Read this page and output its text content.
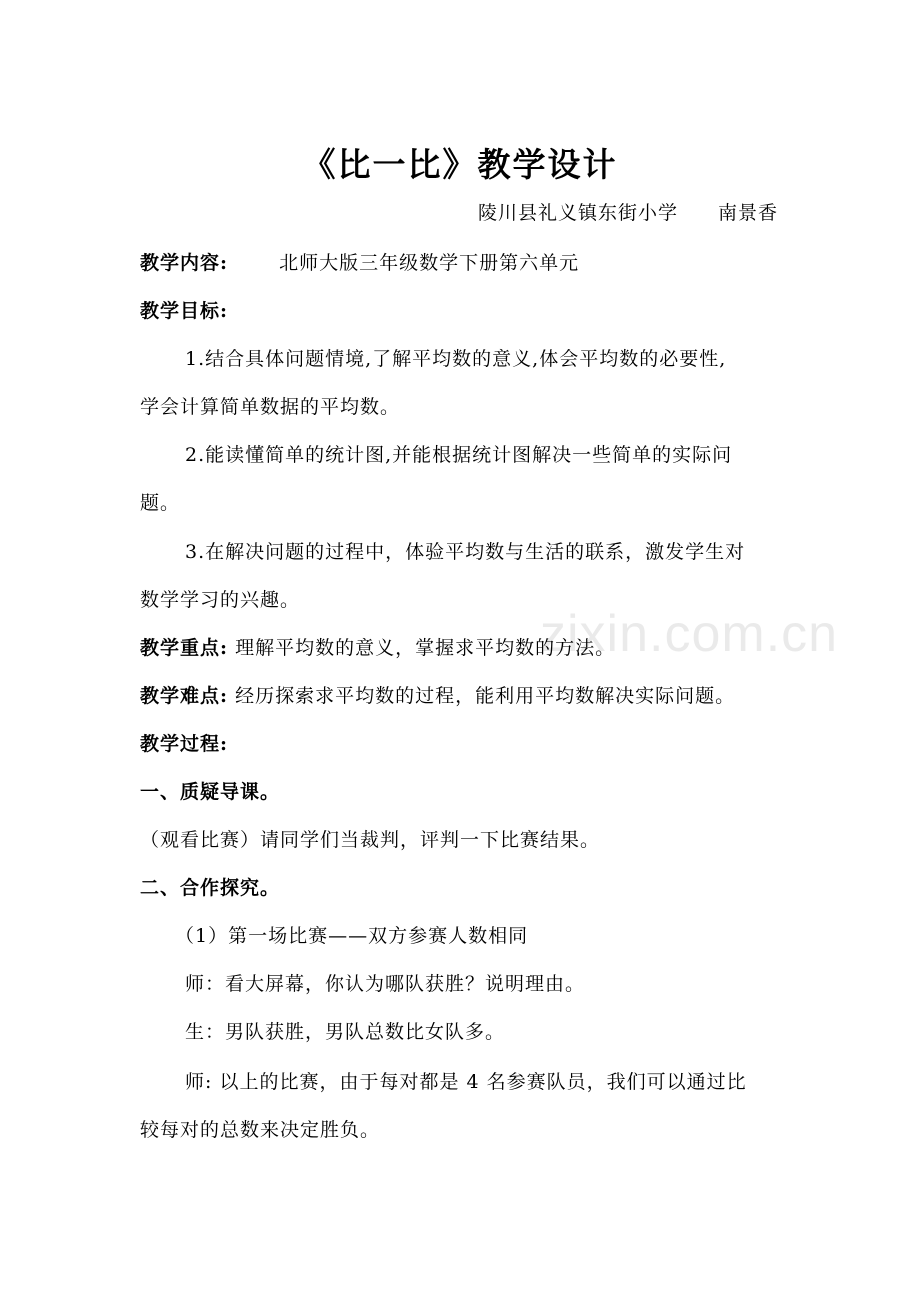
zixin.com.cn
《比一比》教学设计
陵川县礼义镇东街小学　　南景香
教学内容:	北师大版三年级数学下册第六单元
教学目标:
1.结合具体问题情境,了解平均数的意义,体会平均数的必要性,
学会计算简单数据的平均数。
2.能读懂简单的统计图,并能根据统计图解决一些简单的实际问
题。
3.在解决问题的过程中，体验平均数与生活的联系，激发学生对
数学学习的兴趣。
教学重点: 理解平均数的意义，掌握求平均数的方法。
教学难点: 经历探索求平均数的过程，能利用平均数解决实际问题。
教学过程:
一、质疑导课。
（观看比赛）请同学们当裁判，评判一下比赛结果。
二、合作探究。
（1）第一场比赛——双方参赛人数相同
师：看大屏幕，你认为哪队获胜？说明理由。
生：男队获胜，男队总数比女队多。
师: 以上的比赛，由于每对都是 4 名参赛队员，我们可以通过比
较每对的总数来决定胜负。
